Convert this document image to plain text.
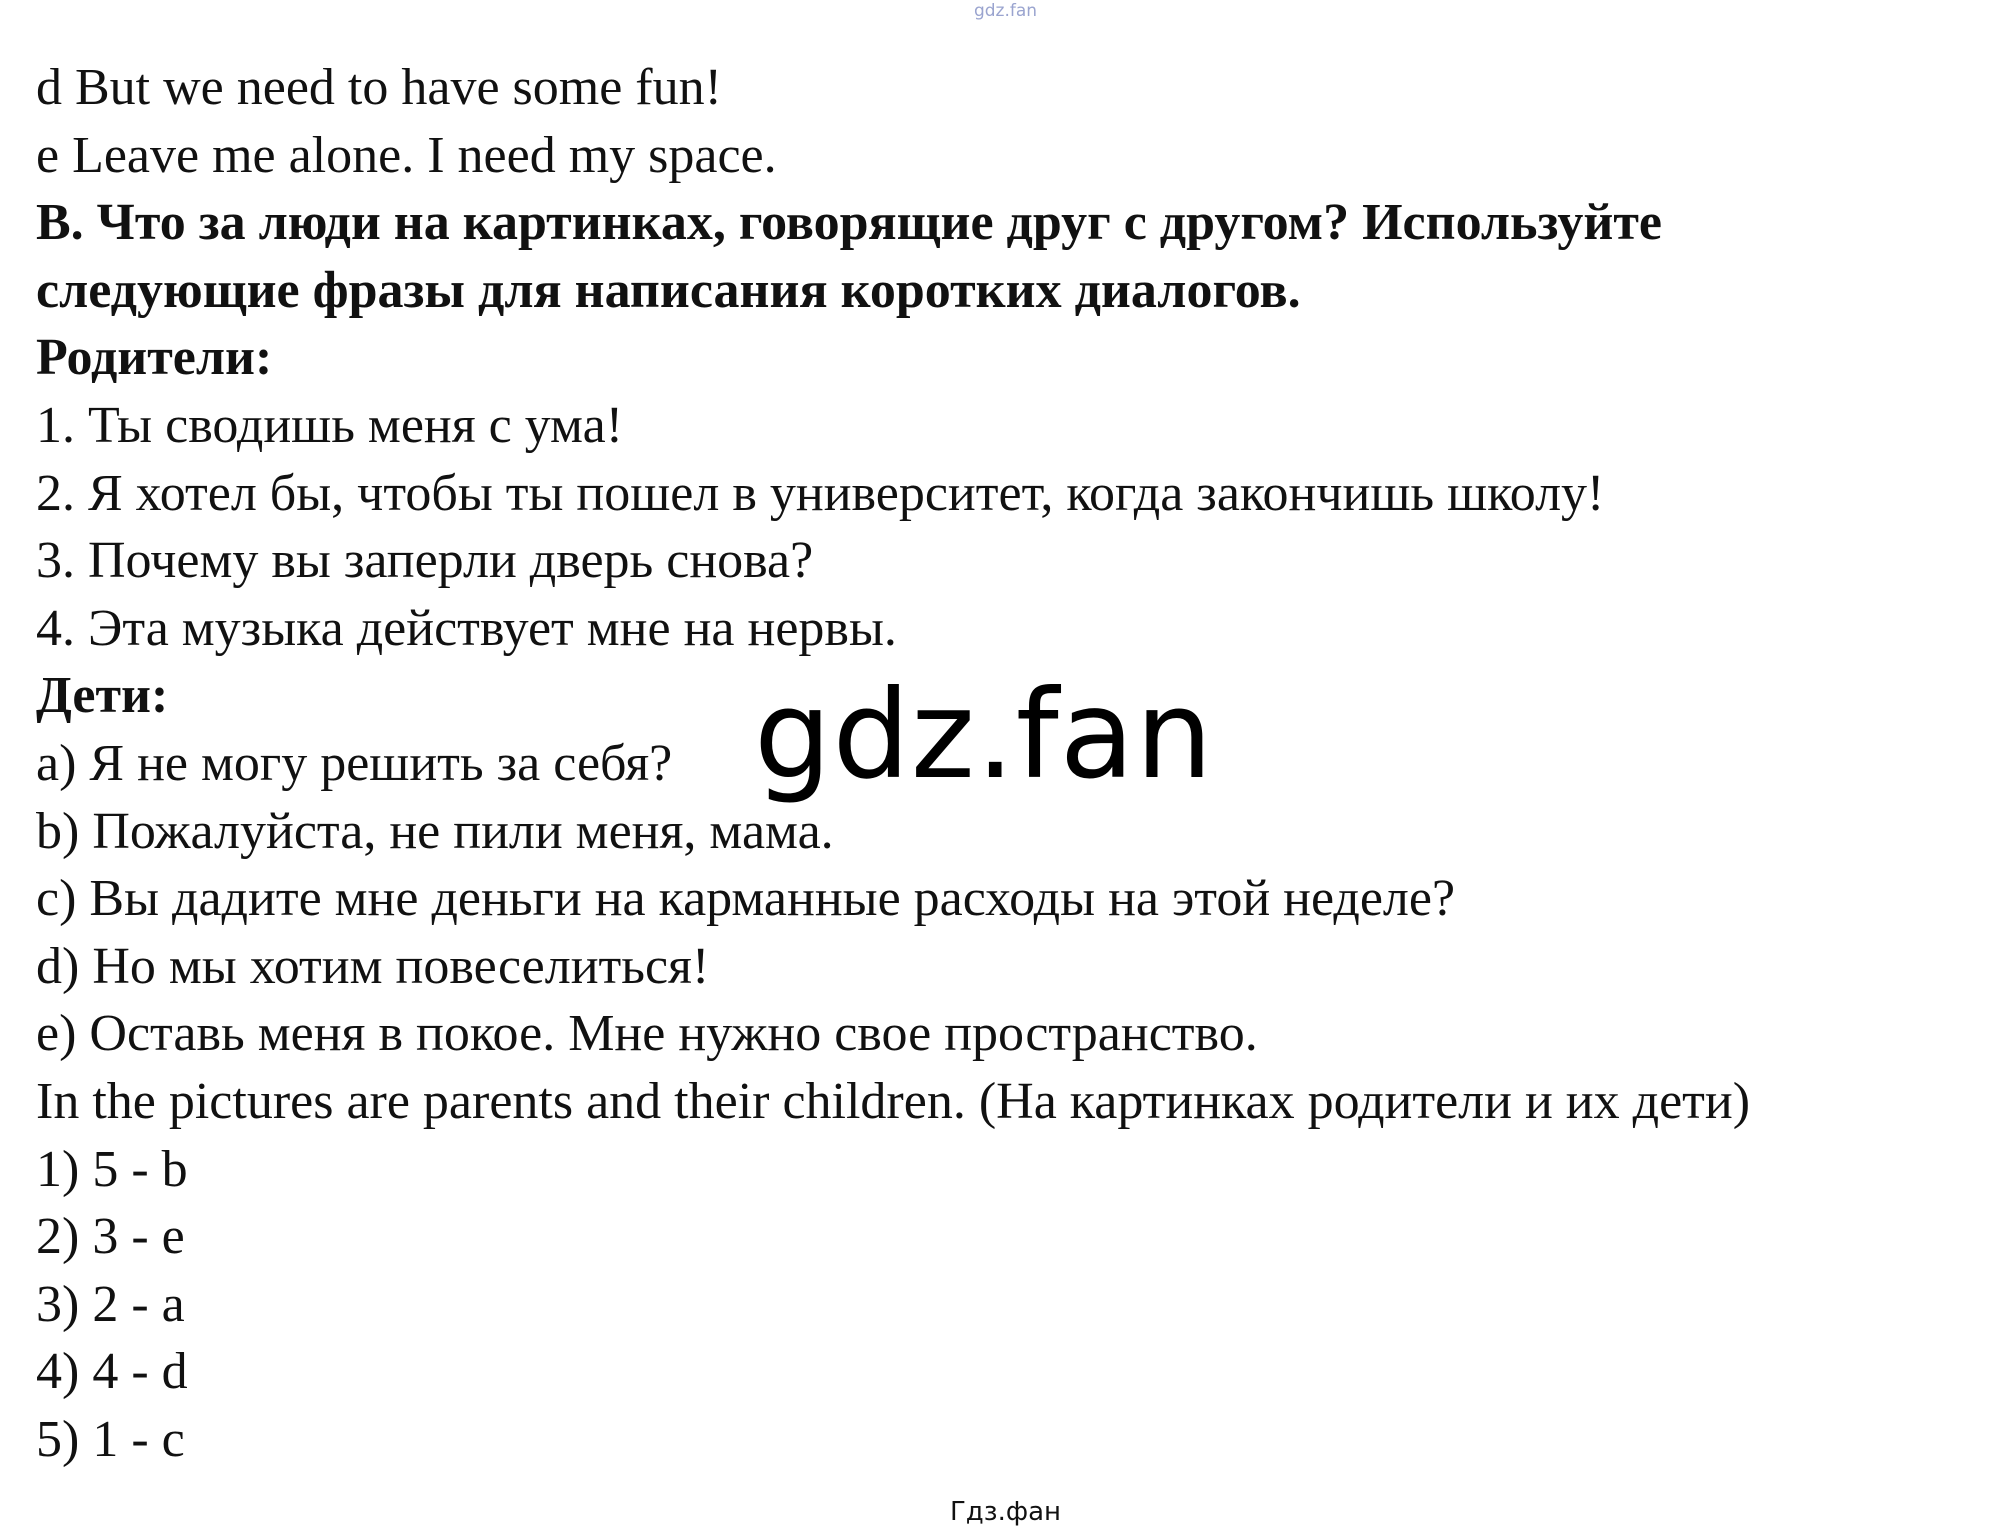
gdz.fan
d But we need to have some fun!
e Leave me alone. I need my space.
B. Что за люди на картинках, говорящие друг с другом? Используйте
следующие фразы для написания коротких диалогов.
Родители:
1. Ты сводишь меня с ума!
2. Я хотел бы, чтобы ты пошел в университет, когда закончишь школу!
3. Почему вы заперли дверь снова?
4. Эта музыка действует мне на нервы.
Дети:
a) Я не могу решить за себя?
b) Пожалуйста, не пили меня, мама.
c) Вы дадите мне деньги на карманные расходы на этой неделе?
d) Но мы хотим повеселиться!
e) Оставь меня в покое. Мне нужно свое пространство.
In the pictures are parents and their children. (На картинках родители и их дети)
1) 5 - b
2) 3 - e
3) 2 - a
4) 4 - d
5) 1 - c
gdz.fan
Гдз.фан
